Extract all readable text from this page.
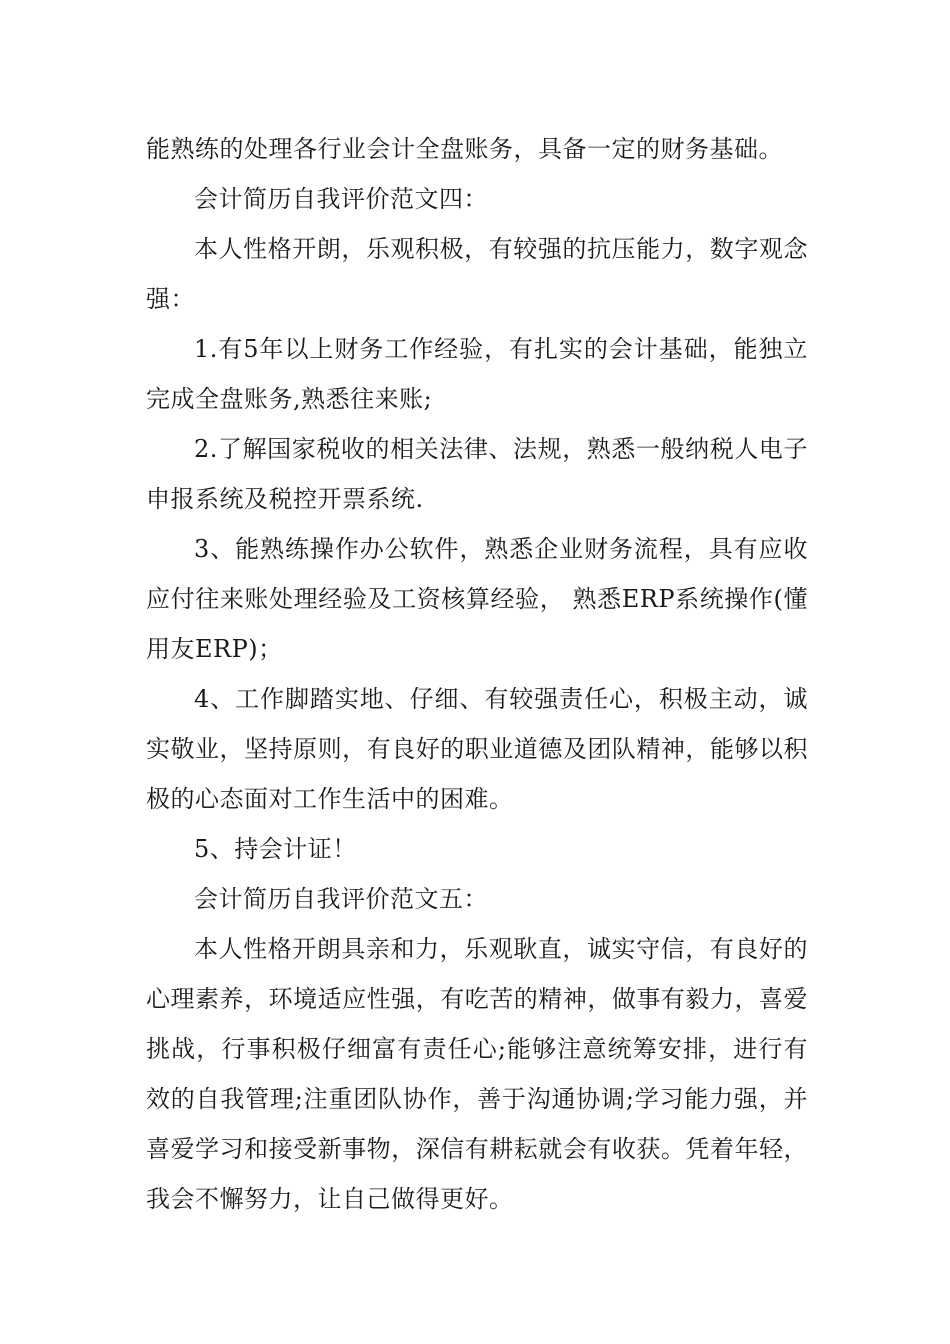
能熟练的处理各行业会计全盘账务，具备一定的财务基础。

会计简历自我评价范文四：

本人性格开朗，乐观积极，有较强的抗压能力，数字观念强：

1.有5年以上财务工作经验，有扎实的会计基础，能独立完成全盘账务,熟悉往来账;

2.了解国家税收的相关法律、法规，熟悉一般纳税人电子申报系统及税控开票系统.

3、能熟练操作办公软件，熟悉企业财务流程，具有应收应付往来账处理经验及工资核算经验， 熟悉ERP系统操作(懂用友ERP)；

4、工作脚踏实地、仔细、有较强责任心，积极主动，诚实敬业，坚持原则，有良好的职业道德及团队精神，能够以积极的心态面对工作生活中的困难。

5、持会计证！

会计简历自我评价范文五：

本人性格开朗具亲和力，乐观耿直，诚实守信，有良好的心理素养，环境适应性强，有吃苦的精神，做事有毅力，喜爱挑战，行事积极仔细富有责任心;能够注意统筹安排，进行有效的自我管理;注重团队协作，善于沟通协调;学习能力强，并喜爱学习和接受新事物，深信有耕耘就会有收获。凭着年轻，我会不懈努力，让自己做得更好。
